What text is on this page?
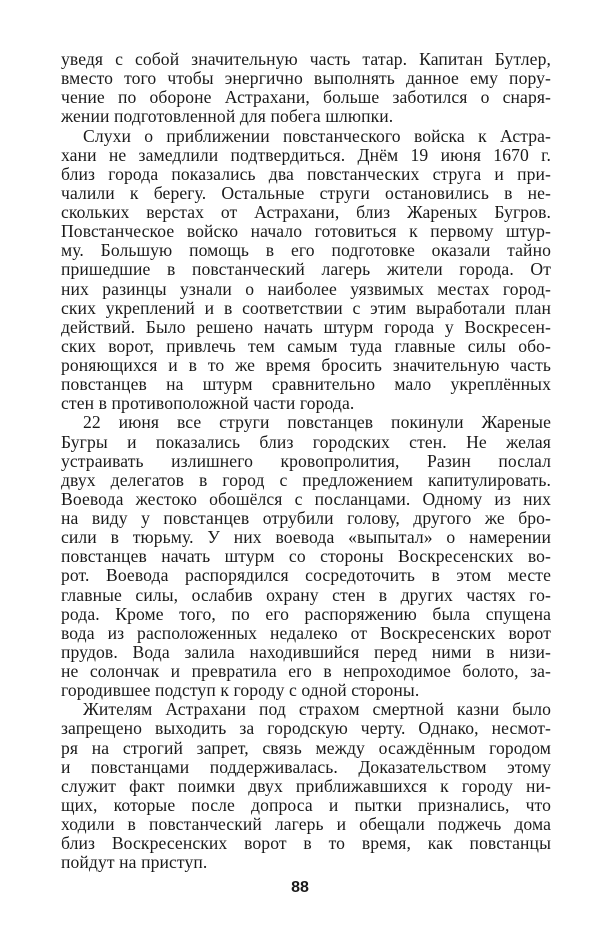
уведя с собой значительную часть татар. Капитан Бутлер,
вместо того чтобы энергично выполнять данное ему пору-
чение по обороне Астрахани, больше заботился о снаря-
жении подготовленной для побега шлюпки.
Слухи о приближении повстанческого войска к Астра-
хани не замедлили подтвердиться. Днём 19 июня 1670 г.
близ города показались два повстанческих струга и при-
чалили к берегу. Остальные струги остановились в не-
скольких верстах от Астрахани, близ Жареных Бугров.
Повстанческое войско начало готовиться к первому штур-
му. Большую помощь в его подготовке оказали тайно
пришедшие в повстанческий лагерь жители города. От
них разинцы узнали о наиболее уязвимых местах город-
ских укреплений и в соответствии с этим выработали план
действий. Было решено начать штурм города у Воскресен-
ских ворот, привлечь тем самым туда главные силы обо-
роняющихся и в то же время бросить значительную часть
повстанцев на штурм сравнительно мало укреплённых
стен в противоположной части города.
22 июня все струги повстанцев покинули Жареные
Бугры и показались близ городских стен. Не желая
устраивать излишнего кровопролития, Разин послал
двух делегатов в город с предложением капитулировать.
Воевода жестоко обошёлся с посланцами. Одному из них
на виду у повстанцев отрубили голову, другого же бро-
сили в тюрьму. У них воевода «выпытал» о намерении
повстанцев начать штурм со стороны Воскресенских во-
рот. Воевода распорядился сосредоточить в этом месте
главные силы, ослабив охрану стен в других частях го-
рода. Кроме того, по его распоряжению была спущена
вода из расположенных недалеко от Воскресенских ворот
прудов. Вода залила находившийся перед ними в низи-
не солончак и превратила его в непроходимое болото, за-
городившее подступ к городу с одной стороны.
Жителям Астрахани под страхом смертной казни было
запрещено выходить за городскую черту. Однако, несмот-
ря на строгий запрет, связь между осаждённым городом
и повстанцами поддерживалась. Доказательством этому
служит факт поимки двух приближавшихся к городу ни-
щих, которые после допроса и пытки признались, что
ходили в повстанческий лагерь и обещали поджечь дома
близ Воскресенских ворот в то время, как повстанцы
пойдут на приступ.
88
